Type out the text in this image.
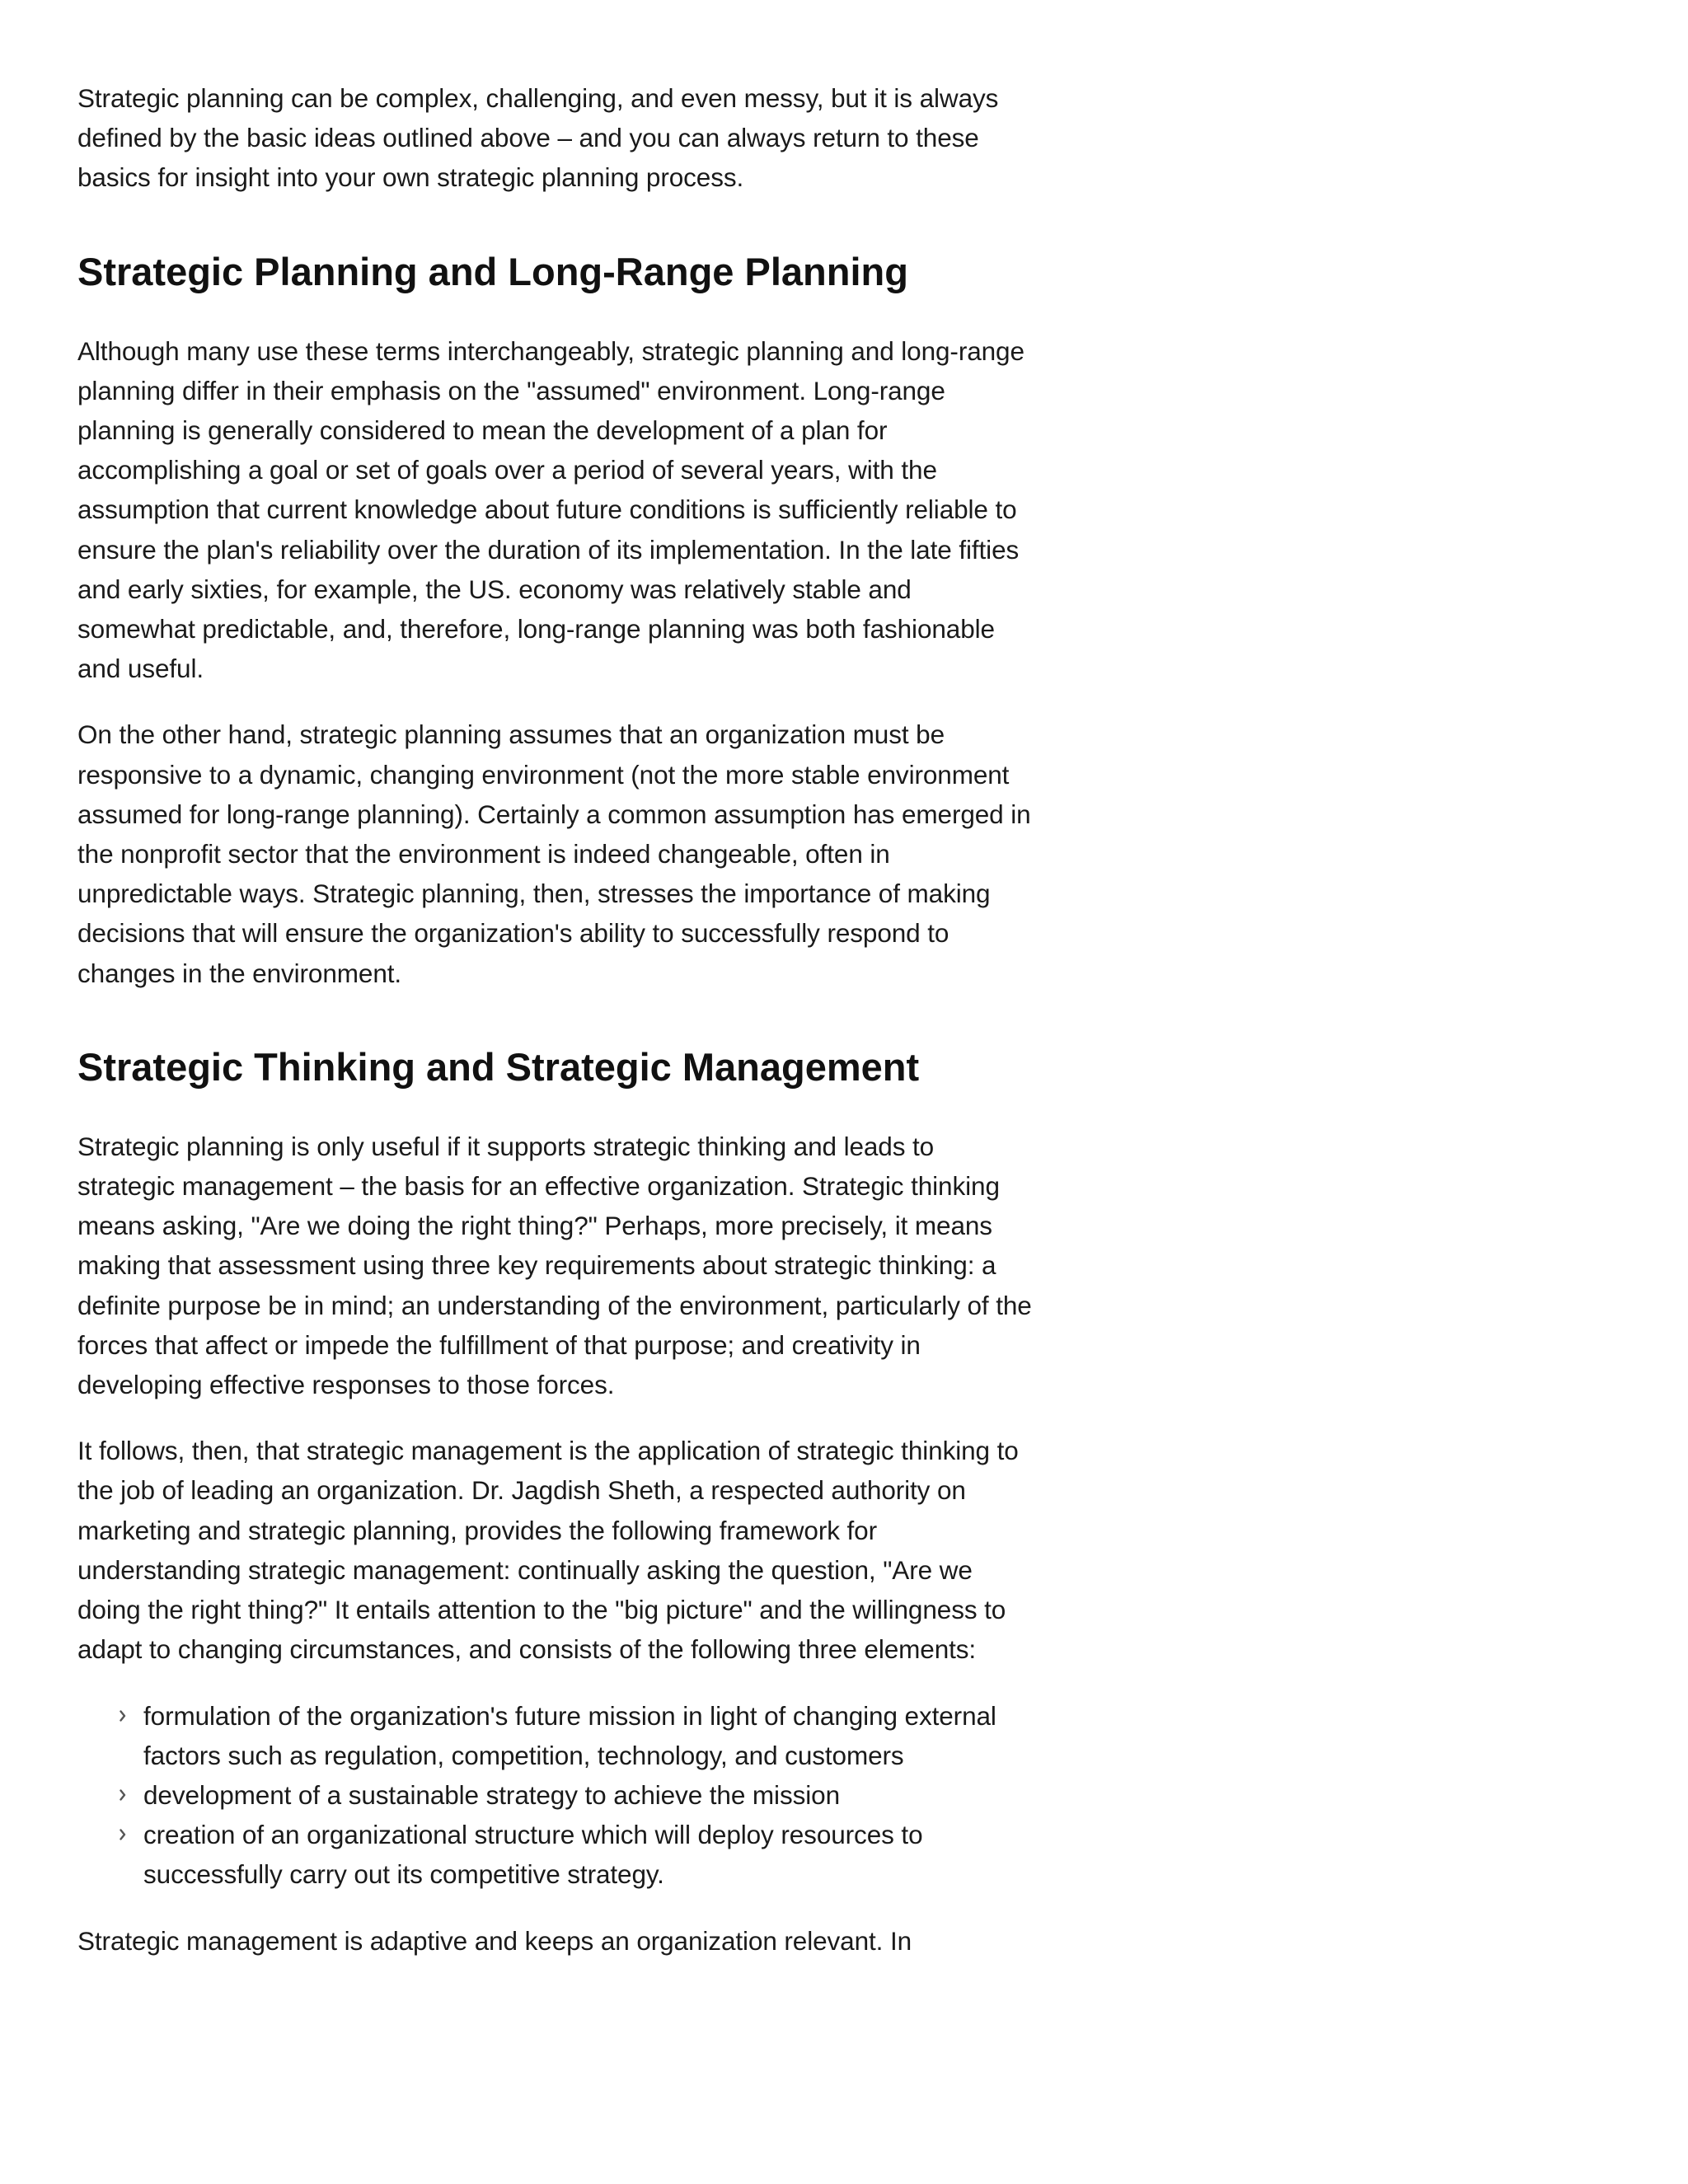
Strategic planning can be complex, challenging, and even messy, but it is always defined by the basic ideas outlined above – and you can always return to these basics for insight into your own strategic planning process.

Strategic Planning and Long-Range Planning

Although many use these terms interchangeably, strategic planning and long-range planning differ in their emphasis on the "assumed" environment. Long-range planning is generally considered to mean the development of a plan for accomplishing a goal or set of goals over a period of several years, with the assumption that current knowledge about future conditions is sufficiently reliable to ensure the plan's reliability over the duration of its implementation. In the late fifties and early sixties, for example, the US. economy was relatively stable and somewhat predictable, and, therefore, long-range planning was both fashionable and useful.

On the other hand, strategic planning assumes that an organization must be responsive to a dynamic, changing environment (not the more stable environment assumed for long-range planning). Certainly a common assumption has emerged in the nonprofit sector that the environment is indeed changeable, often in unpredictable ways. Strategic planning, then, stresses the importance of making decisions that will ensure the organization's ability to successfully respond to changes in the environment.

Strategic Thinking and Strategic Management

Strategic planning is only useful if it supports strategic thinking and leads to strategic management – the basis for an effective organization. Strategic thinking means asking, "Are we doing the right thing?" Perhaps, more precisely, it means making that assessment using three key requirements about strategic thinking: a definite purpose be in mind; an understanding of the environment, particularly of the forces that affect or impede the fulfillment of that purpose; and creativity in developing effective responses to those forces.

It follows, then, that strategic management is the application of strategic thinking to the job of leading an organization. Dr. Jagdish Sheth, a respected authority on marketing and strategic planning, provides the following framework for understanding strategic management: continually asking the question, "Are we doing the right thing?" It entails attention to the "big picture" and the willingness to adapt to changing circumstances, and consists of the following three elements:

formulation of the organization's future mission in light of changing external factors such as regulation, competition, technology, and customers
development of a sustainable strategy to achieve the mission
creation of an organizational structure which will deploy resources to successfully carry out its competitive strategy.

Strategic management is adaptive and keeps an organization relevant. In
